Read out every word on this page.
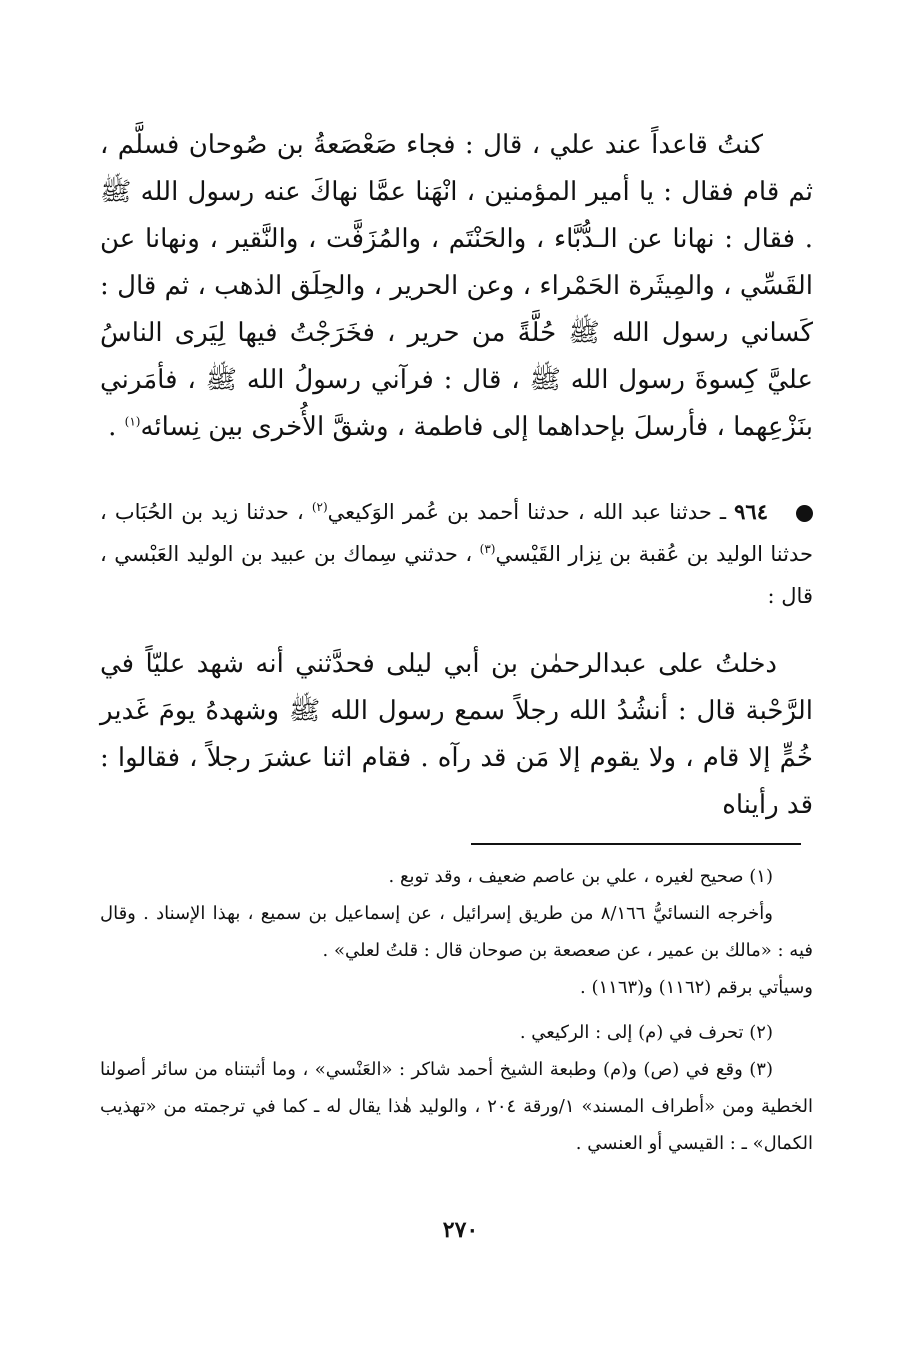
كنتُ قاعداً عند علي ، قال : فجاء صَعْصَعةُ بن صُوحان فسلَّم ، ثم قام فقال : يا أمير المؤمنين ، انْهَنا عمَّا نهاكَ عنه رسول الله ﷺ . فقال : نهانا عن الـدُّبَّاء ، والحَنْتَم ، والمُزَفَّت ، والنَّقير ، ونهانا عن القَسِّي ، والمِيثَرة الحَمْراء ، وعن الحرير ، والحِلَق الذهب ، ثم قال : كَساني رسول الله ﷺ حُلَّةً من حرير ، فخَرَجْتُ فيها لِيَرى الناسُ عليَّ كِسوةَ رسول الله ﷺ ، قال : فرآني رسولُ الله ﷺ ، فأمَرني بنَزْعِهما ، فأرسلَ بإحداهما إلى فاطمة ، وشقَّ الأُخرى بين نِسائه$^{(١)}$ .

٩٦٤ ـ حدثنا عبد الله ، حدثنا أحمد بن عُمر الوَكيعي$^{(٢)}$ ، حدثنا زيد بن الحُبَاب ، حدثنا الوليد بن عُقبة بن نِزار القَيْسي$^{(٣)}$ ، حدثني سِماك بن عبيد بن الوليد العَبْسي ، قال :

دخلتُ على عبدالرحمٰن بن أبي ليلى فحدَّثني أنه شهد عليّاً في الرَّحْبة قال : أنشُدُ الله رجلاً سمع رسول الله ﷺ وشهدهُ يومَ غَدير خُمٍّ إلا قام ، ولا يقوم إلا مَن قد رآه . فقام اثنا عشرَ رجلاً ، فقالوا : قد رأيناه

(١) صحيح لغيره ، علي بن عاصم ضعيف ، وقد توبع .

وأخرجه النسائيُّ ٨/١٦٦ من طريق إسرائيل ، عن إسماعيل بن سميع ، بهذا الإسناد . وقال فيه : «مالك بن عمير ، عن صعصعة بن صوحان قال : قلتُ لعلي» .

وسيأتي برقم (١١٦٢) و(١١٦٣) .

(٢) تحرف في (م) إلى : الركيعي .

(٣) وقع في (ص) و(م) وطبعة الشيخ أحمد شاكر : «العَنْسي» ، وما أثبتناه من سائر أصولنا الخطية ومن «أطراف المسند» ١/ورقة ٢٠٤ ، والوليد هٰذا يقال له ـ كما في ترجمته من «تهذيب الكمال» ـ : القيسي أو العنسي .

٢٧٠
